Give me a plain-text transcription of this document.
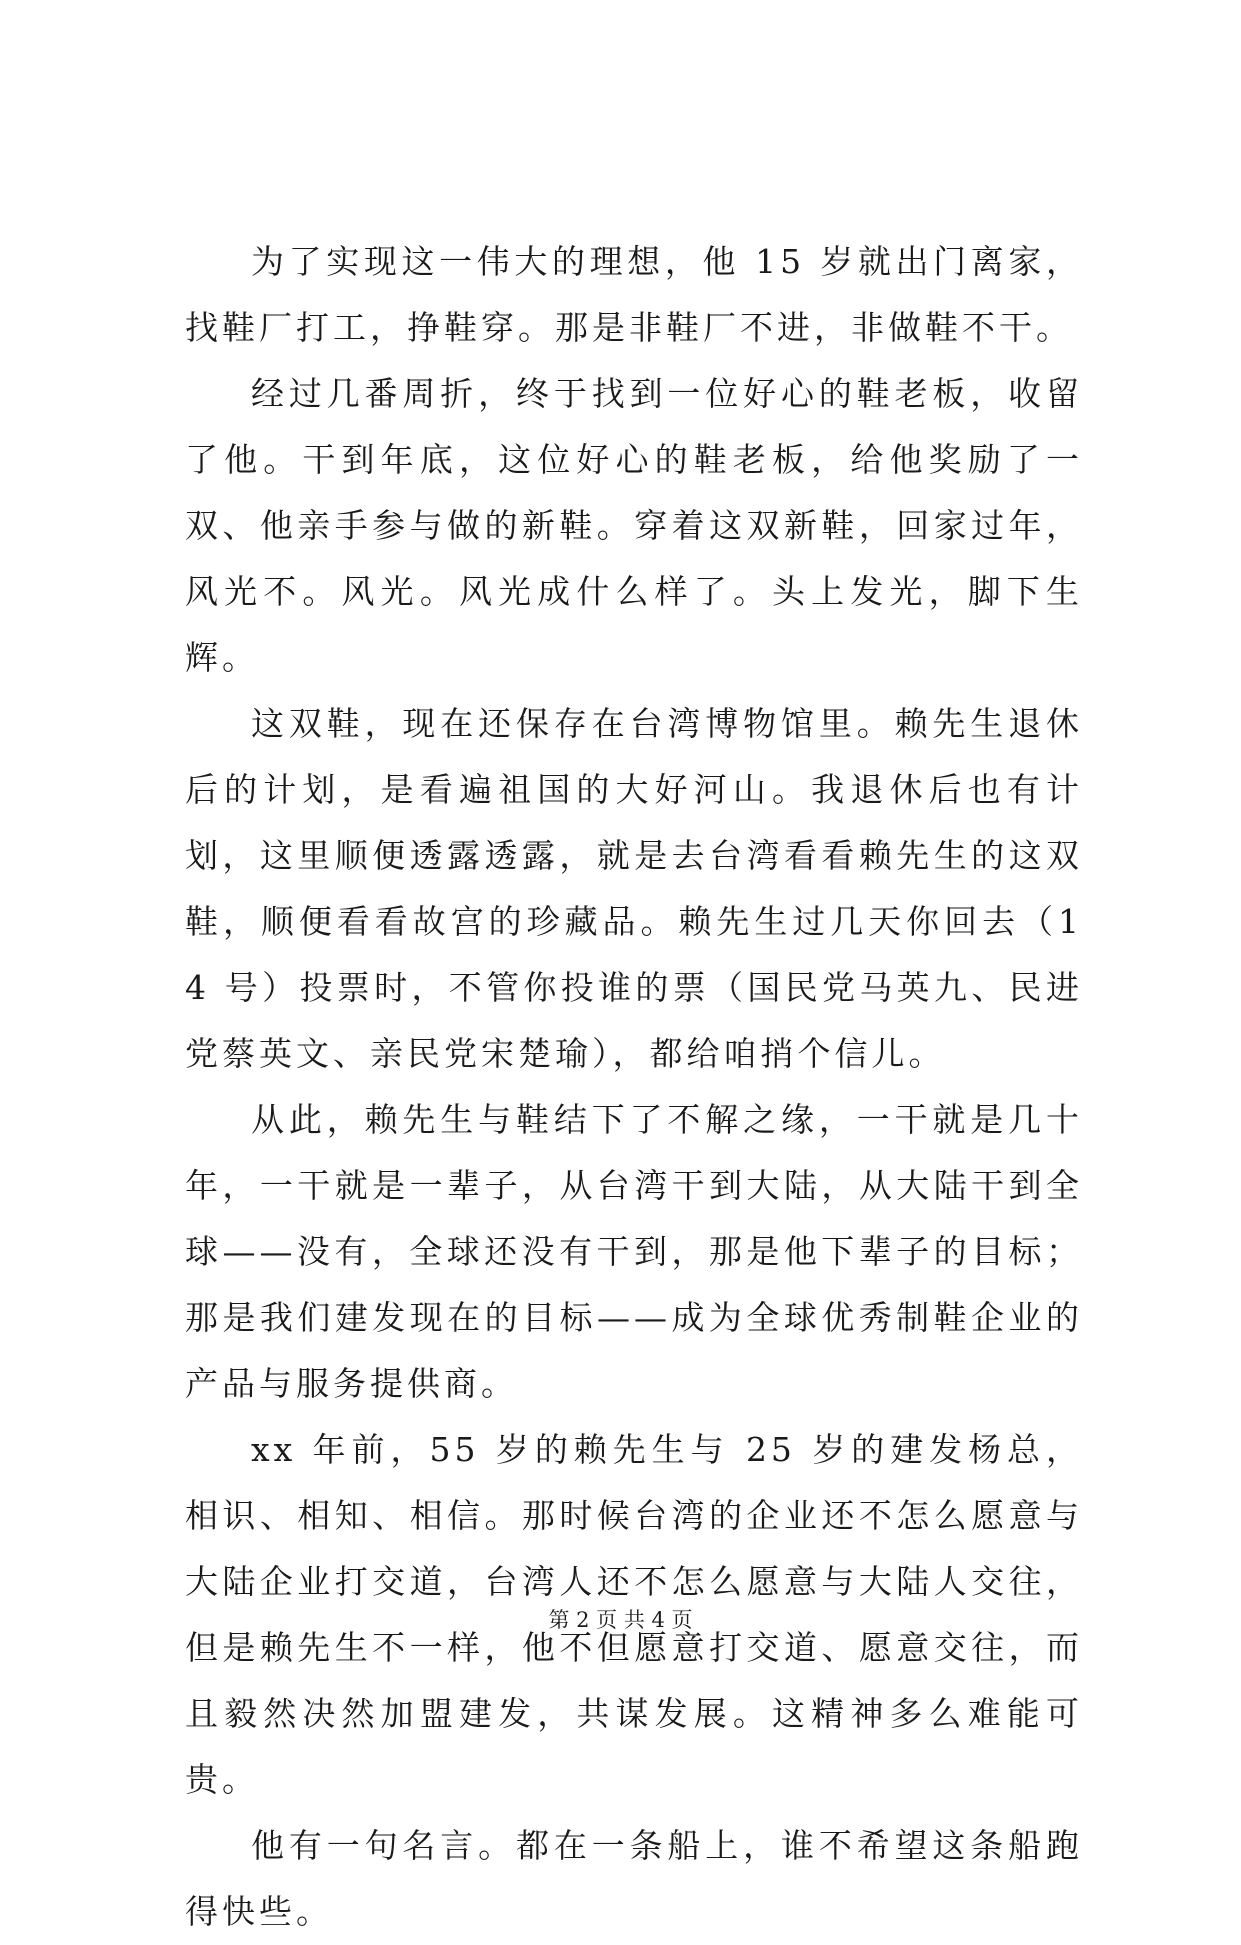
为了实现这一伟大的理想，他 15 岁就出门离家，找鞋厂打工，挣鞋穿。那是非鞋厂不进，非做鞋不干。

经过几番周折，终于找到一位好心的鞋老板，收留了他。干到年底，这位好心的鞋老板，给他奖励了一双、他亲手参与做的新鞋。穿着这双新鞋，回家过年，风光不。风光。风光成什么样了。头上发光，脚下生辉。

这双鞋，现在还保存在台湾博物馆里。赖先生退休后的计划，是看遍祖国的大好河山。我退休后也有计划，这里顺便透露透露，就是去台湾看看赖先生的这双鞋，顺便看看故宫的珍藏品。赖先生过几天你回去（14 号）投票时，不管你投谁的票（国民党马英九、民进党蔡英文、亲民党宋楚瑜），都给咱捎个信儿。

从此，赖先生与鞋结下了不解之缘，一干就是几十年，一干就是一辈子，从台湾干到大陆，从大陆干到全球——没有，全球还没有干到，那是他下辈子的目标；那是我们建发现在的目标——成为全球优秀制鞋企业的产品与服务提供商。

xx 年前，55 岁的赖先生与 25 岁的建发杨总，相识、相知、相信。那时候台湾的企业还不怎么愿意与大陆企业打交道，台湾人还不怎么愿意与大陆人交往，但是赖先生不一样，他不但愿意打交道、愿意交往，而且毅然决然加盟建发，共谋发展。这精神多么难能可贵。

他有一句名言。都在一条船上，谁不希望这条船跑得快些。

第 2 页 共 4 页
